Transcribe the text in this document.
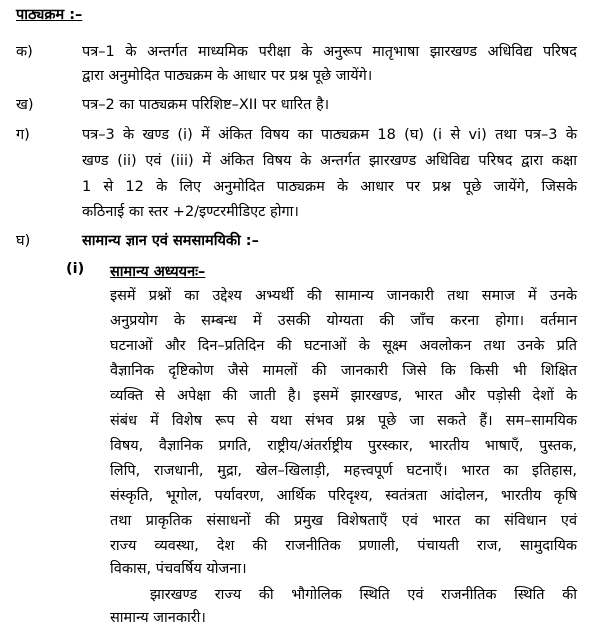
पाठ्यक्रम :–
क)	पत्र–1 के अन्तर्गत माध्यमिक परीक्षा के अनुरूप मातृभाषा झारखण्ड अधिविद्य परिषद
द्वारा अनुमोदित पाठ्यक्रम के आधार पर प्रश्न पूछे जायेंगे।
ख)	पत्र–2 का पाठ्यक्रम परिशिष्ट–XII पर धारित है।
ग)	पत्र–3 के खण्ड (i) में अंकित विषय का पाठ्यक्रम 18 (घ) (i से vi) तथा पत्र–3 के
खण्ड (ii) एवं (iii) में अंकित विषय के अन्तर्गत झारखण्ड अधिविद्य परिषद द्वारा कक्षा
1 से 12 के लिए अनुमोदित पाठ्यक्रम के आधार पर प्रश्न पूछे जायेंगे, जिसके
कठिनाई का स्तर +2/इण्टरमीडिएट होगा।
घ)	सामान्य ज्ञान एवं समसामयिकी :–
(i) सामान्य अध्ययनः–
इसमें प्रश्नों का उद्देश्य अभ्यर्थी की सामान्य जानकारी तथा समाज में उनके
अनुप्रयोग के सम्बन्ध में उसकी योग्यता की जाँच करना होगा। वर्तमान
घटनाओं और दिन–प्रतिदिन की घटनाओं के सूक्ष्म अवलोकन तथा उनके प्रति
वैज्ञानिक दृष्टिकोण जैसे मामलों की जानकारी जिसे कि किसी भी शिक्षित
व्यक्ति से अपेक्षा की जाती है। इसमें झारखण्ड, भारत और पड़ोसी देशों के
संबंध में विशेष रूप से यथा संभव प्रश्न पूछे जा सकते हैं। सम–सामयिक
विषय, वैज्ञानिक प्रगति, राष्ट्रीय/अंतर्राष्ट्रीय पुरस्कार, भारतीय भाषाएँ, पुस्तक,
लिपि, राजधानी, मुद्रा, खेल–खिलाड़ी, महत्त्वपूर्ण घटनाएँ। भारत का इतिहास,
संस्कृति, भूगोल, पर्यावरण, आर्थिक परिदृश्य, स्वतंत्रता आंदोलन, भारतीय कृषि
तथा प्राकृतिक संसाधनों की प्रमुख विशेषताएँ एवं भारत का संविधान एवं
राज्य व्यवस्था, देश की राजनीतिक प्रणाली, पंचायती राज, सामुदायिक
विकास, पंचवर्षिय योजना।
झारखण्ड राज्य की भौगोलिक स्थिति एवं राजनीतिक स्थिति की
सामान्य जानकारी।
